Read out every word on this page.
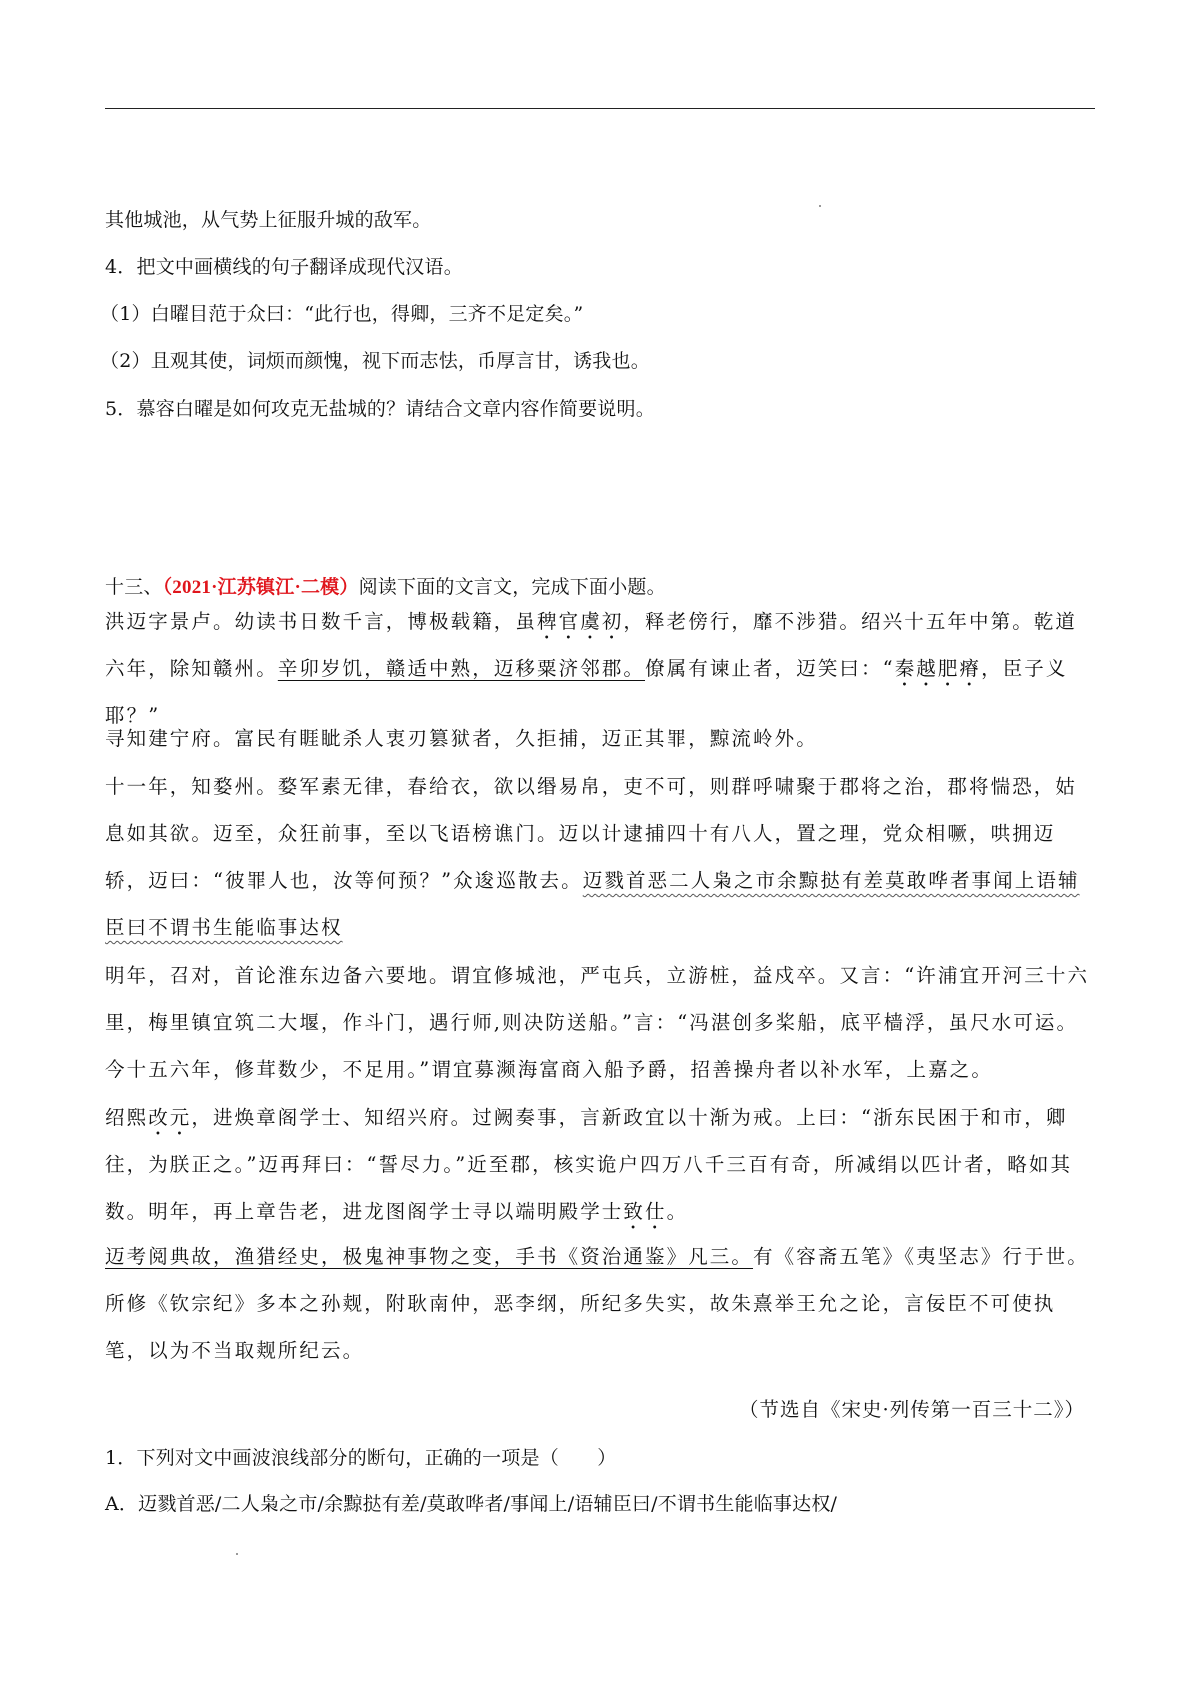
其他城池，从气势上征服升城的敌军。
4．把文中画横线的句子翻译成现代汉语。
（1）白曜目范于众曰：“此行也，得卿，三齐不足定矣。”
（2）且观其使，词烦而颜愧，视下而志怯，币厚言甘，诱我也。
5．慕容白曜是如何攻克无盐城的？请结合文章内容作简要说明。
十三、（2021·江苏镇江·二模）阅读下面的文言文，完成下面小题。
洪迈字景卢。幼读书日数千言，博极载籍，虽稗官虞初，释老傍行，靡不涉猎。绍兴十五年中第。乾道六年，除知赣州。辛卯岁饥，赣适中熟，迈移粟济邻郡。僚属有谏止者，迈笑曰：“秦越肥瘠，臣子义耶？”
寻知建宁府。富民有睚眦杀人衷刃篡狱者，久拒捕，迈正其罪，黥流岭外。
十一年，知婺州。婺军素无律，春给衣，欲以缗易帛，吏不可，则群呼啸聚于郡将之治，郡将惴恐，姑息如其欲。迈至，众狂前事，至以飞语榜谯门。迈以计逮捕四十有八人，置之理，党众相噘，哄拥迈轿，迈曰：“彼罪人也，汝等何预？”众逡巡散去。迈戮首恶二人枭之市余黥挞有差莫敢哗者事闻上语辅臣曰不谓书生能临事达权
明年，召对，首论淮东边备六要地。谓宜修城池，严屯兵，立游桩，益戍卒。又言：“许浦宜开河三十六里，梅里镇宜筑二大堰，作斗门，遇行师,则决防送船。”言：“冯湛创多桨船，底平樯浮，虽尺水可运。今十五六年，修茸数少，不足用。”谓宜募濒海富商入船予爵，招善操舟者以补水军，上嘉之。
绍熙改元，进焕章阁学士、知绍兴府。过阙奏事，言新政宜以十渐为戒。上曰：“浙东民困于和市，卿往，为朕正之。”迈再拜曰：“誓尽力。”近至郡，核实诡户四万八千三百有奇，所减绢以匹计者，略如其数。明年，再上章告老，进龙图阁学士寻以端明殿学士致仕。
迈考阅典故，渔猎经史，极鬼神事物之变，手书《资治通鉴》凡三。有《容斋五笔》《夷坚志》行于世。所修《钦宗纪》多本之孙觌，附耿南仲，恶李纲，所纪多失实，故朱熹举王允之论，言佞臣不可使执笔，以为不当取觌所纪云。
（节选自《宋史·列传第一百三十二》）
1．下列对文中画波浪线部分的断句，正确的一项是（　　）
A．迈戮首恶/二人枭之市/余黥挞有差/莫敢哗者/事闻上/语辅臣曰/不谓书生能临事达权/
